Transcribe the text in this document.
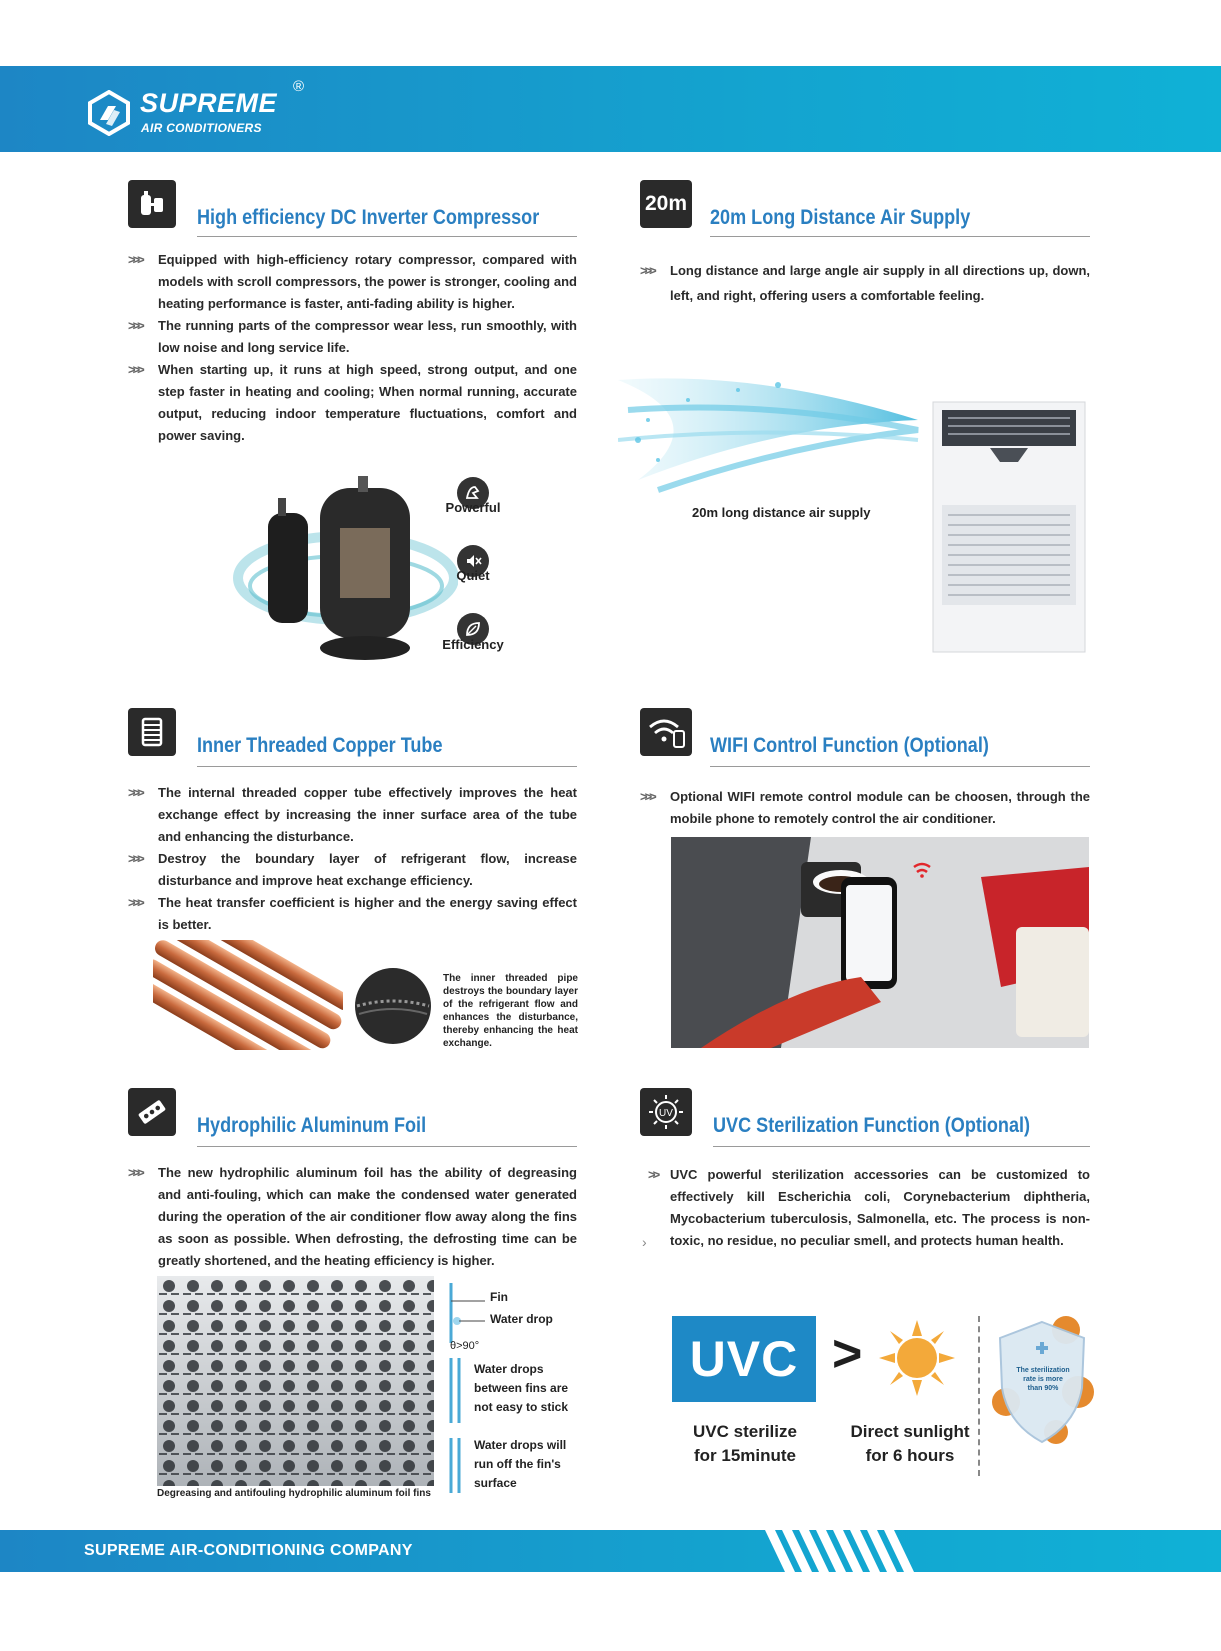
SUPREME
®
AIR CONDITIONERS
High efficiency DC Inverter Compressor
>>> Equipped with high-efficiency rotary compressor, compared with models with scroll compressors, the power is stronger, cooling and heating performance is faster, anti-fading ability is higher.
>>> The running parts of the compressor wear less, run smoothly, with low noise and long service life.
>>> When starting up, it runs at high speed, strong output, and one step faster in heating and cooling; When normal running, accurate output, reducing indoor temperature fluctuations, comfort and power saving.
Powerful
Quiet
Efficiency
20m
20m Long Distance Air Supply
>>> Long distance and large angle air supply in all directions up, down, left, and right, offering users a comfortable feeling.
20m long distance air supply
Inner Threaded Copper Tube
>>> The internal threaded copper tube effectively improves the heat exchange effect by increasing the inner surface area of the tube and enhancing the disturbance.
>>> Destroy the boundary layer of refrigerant flow, increase disturbance and improve heat exchange efficiency.
>>> The heat transfer coefficient is higher and the energy saving effect is better.
The inner threaded pipe destroys the boundary layer of the refrigerant flow and enhances the disturbance, thereby enhancing the heat exchange.
WIFI Control Function (Optional)
>>> Optional WIFI remote control module can be choosen, through the mobile phone to remotely control the air conditioner.
Hydrophilic Aluminum Foil
>>> The new hydrophilic aluminum foil has the ability of degreasing and anti-fouling, which can make the condensed water generated during the operation of the air conditioner flow away along the fins as soon as possible. When defrosting, the defrosting time can be greatly shortened, and the heating efficiency is higher.
Degreasing and antifouling hydrophilic aluminum foil fins
Fin
Water drop
θ>90°
Water drops between fins are not easy to stick
Water drops will run off the fin's surface
UV
UVC Sterilization Function (Optional)
>> UVC powerful sterilization accessories can be customized to effectively kill Escherichia coli, Corynebacterium diphtheria, Mycobacterium tuberculosis, Salmonella, etc. The process is non-toxic, no residue, no peculiar smell, and protects human health.
›
UVC >	The sterilization rate is more than 90%
UVC sterilize for 15minute
Direct sunlight for 6 hours
SUPREME AIR-CONDITIONING COMPANY
